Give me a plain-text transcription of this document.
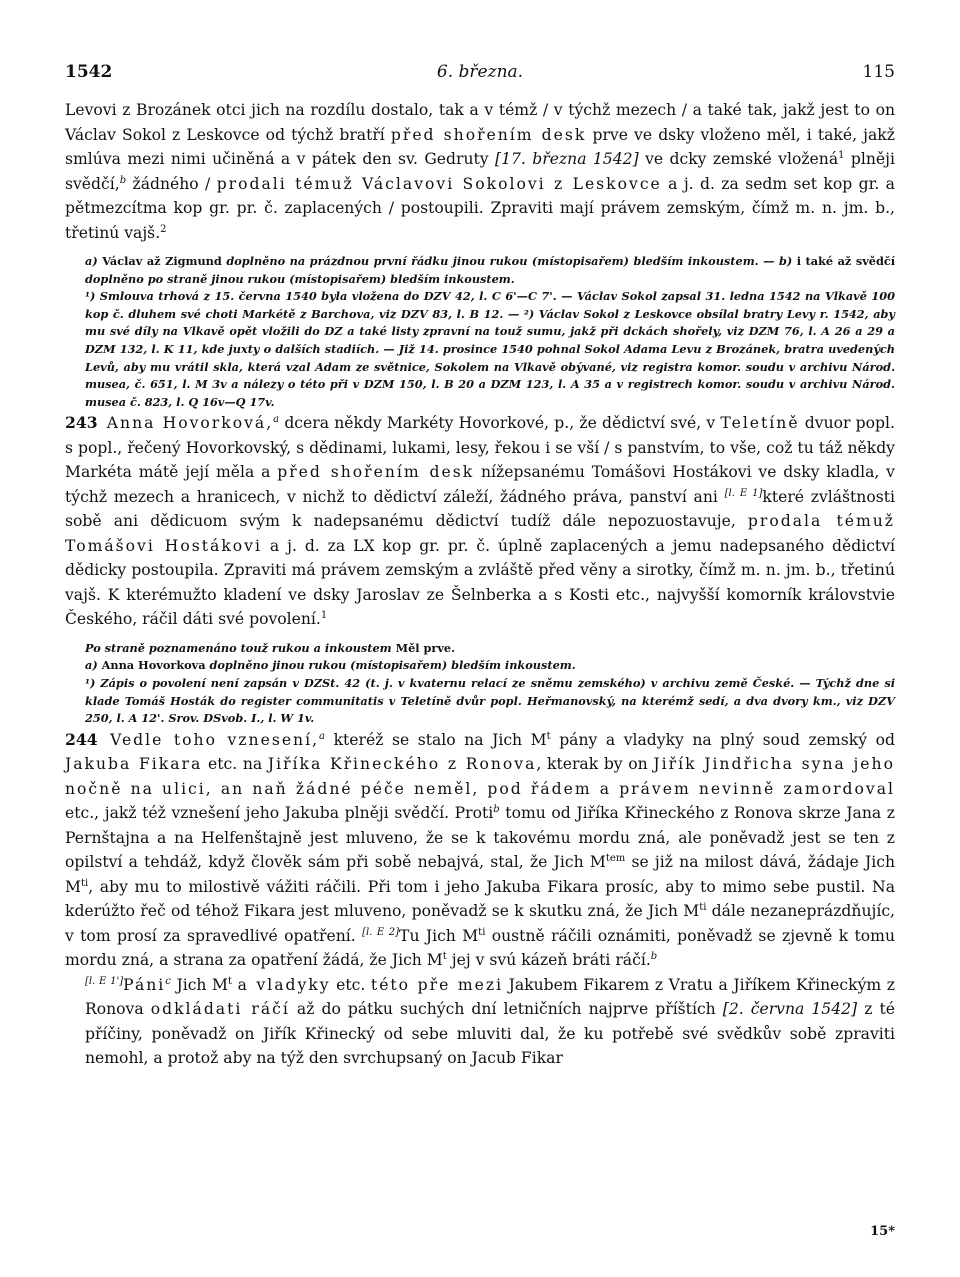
1542	6. března.	115

Levovi z Brozánek otci jich na rozdílu dostalo, tak a v témž / v týchž mezech / a také tak, jakž jest to on Václav Sokol z Leskovce od týchž bratří před shořením desk prve ve dsky vloženo měl, i také, jakž smlúva mezi nimi učiněná a v pátek den sv. Gedruty [17. března 1542] ve dcky zemské vložená$^1$ plněji svědčí,$^b$ žádného / prodali témuž Václavovi Sokolovi z Leskovce a j. d. za sedm set kop gr. a pětmezcítma kop gr. pr. č. zaplacených / postoupili. Zpraviti mají právem zemským, čímž m. n. jm. b., třetinú vajš.$^2$

a) Václav až Zigmund doplněno na prázdnou první řádku jinou rukou (místopisařem) bledším inkoustem. — b) i také až svědčí doplněno po straně jinou rukou (místopisařem) bledším inkoustem.

¹) Smlouva trhová z 15. června 1540 byla vložena do DZV 42, l. C 6'—C 7'. — Václav Sokol zapsal 31. ledna 1542 na Vlkavě 100 kop č. dluhem své choti Markétě z Barchova, viz DZV 83, l. B 12. — ²) Václav Sokol z Leskovce obsílal bratry Levy r. 1542, aby mu své díly na Vlkavě opět vložili do DZ a také listy zpravní na touž sumu, jakž při dckách shořely, viz DZM 76, l. A 26 a 29 a DZM 132, l. K 11, kde juxty o dalších stadiích. — Již 14. prosince 1540 pohnal Sokol Adama Levu z Brozánek, bratra uvedených Levů, aby mu vrátil skla, která vzal Adam ze světnice, Sokolem na Vlkavě obývané, viz registra komor. soudu v archivu Národ. musea, č. 651, l. M 3v a nálezy o této při v DZM 150, l. B 20 a DZM 123, l. A 35 a v registrech komor. soudu v archivu Národ. musea č. 823, l. Q 16v—Q 17v.

243 Anna Hovorková,$^a$ dcera někdy Markéty Hovorkové, p., že dědictví své, v Teletíně dvuor popl. s popl., řečený Hovorkovský, s dědinami, lukami, lesy, řekou i se vší / s panstvím, to vše, což tu táž někdy Markéta mátě její měla a před shořením desk nížepsanému Tomášovi Hostákovi ve dsky kladla, v týchž mezech a hranicech, v nichž to dědictví záleží, žádného práva, panství ani [l. E 1]které zvláštnosti sobě ani dědicuom svým k nadepsanému dědictví tudíž dále nepozuostavuje, prodala témuž Tomášovi Hostákovi a j. d. za LX kop gr. pr. č. úplně zaplacených a jemu nadepsaného dědictví dědicky postoupila. Zpraviti má právem zemským a zvláště před věny a sirotky, čímž m. n. jm. b., třetinú vajš. K kterémužto kladení ve dsky Jaroslav ze Šelnberka a s Kosti etc., najvyšší komorník královstvie Českého, ráčil dáti své povolení.$^1$

Po straně poznamenáno touž rukou a inkoustem Měl prve.

a) Anna Hovorkova doplněno jinou rukou (místopisařem) bledším inkoustem.

¹) Zápis o povolení není zapsán v DZSt. 42 (t. j. v kvaternu relací ze sněmu zemského) v archivu země České. — Týchž dne si klade Tomáš Hosták do register communitatis v Teletíně dvůr popl. Heřmanovský, na kterémž sedí, a dva dvory km., viz DZV 250, l. A 12'. Srov. DSvob. I., l. W 1v.

244 Vedle toho vznesení,$^a$ kteréž se stalo na Jich $M^t$ pány a vladyky na plný soud zemský od Jakuba Fikara etc. na Jiříka Křineckého z Ronova, kterak by on Jiřík Jindřicha syna jeho nočně na ulici, an naň žádné péče neměl, pod řádem a právem nevinně zamordoval etc., jakž též vznešení jeho Jakuba plněji svědčí. Proti$^b$ tomu od Jiříka Křineckého z Ronova skrze Jana z Pernštajna a na Helfenštajně jest mluveno, že se k takovému mordu zná, ale poněvadž jest se ten z opilství a tehdáž, když člověk sám při sobě nebajvá, stal, že Jich $M^{tem}$ se již na milost dává, žádaje Jich $M^{ti}$, aby mu to milostivě vážiti ráčili. Při tom i jeho Jakuba Fikara prosíc, aby to mimo sebe pustil. Na kderúžto řeč od téhož Fikara jest mluveno, poněvadž se k skutku zná, že Jich $M^{ti}$ dále nezaneprázdňujíc, v tom prosí za spravedlivé opatření. [l. E 2]Tu Jich $M^{ti}$ oustně ráčili oznámiti, poněvadž se zjevně k tomu mordu zná, a strana za opatření žádá, že Jich $M^t$ jej v svú kázeň bráti ráčí.$^b$

[l. E 1']Páni$^c$ Jich $M^t$ a vladyky etc. této pře mezi Jakubem Fikarem z Vratu a Jiříkem Křineckým z Ronova odkládati ráčí až do pátku suchých dní letničních najprve příštích [2. června 1542] z té příčiny, poněvadž on Jiřík Křinecký od sebe mluviti dal, že ku potřebě své svědkův sobě zpraviti nemohl, a protož aby na týž den svrchupsaný on Jacub Fikar

15*
